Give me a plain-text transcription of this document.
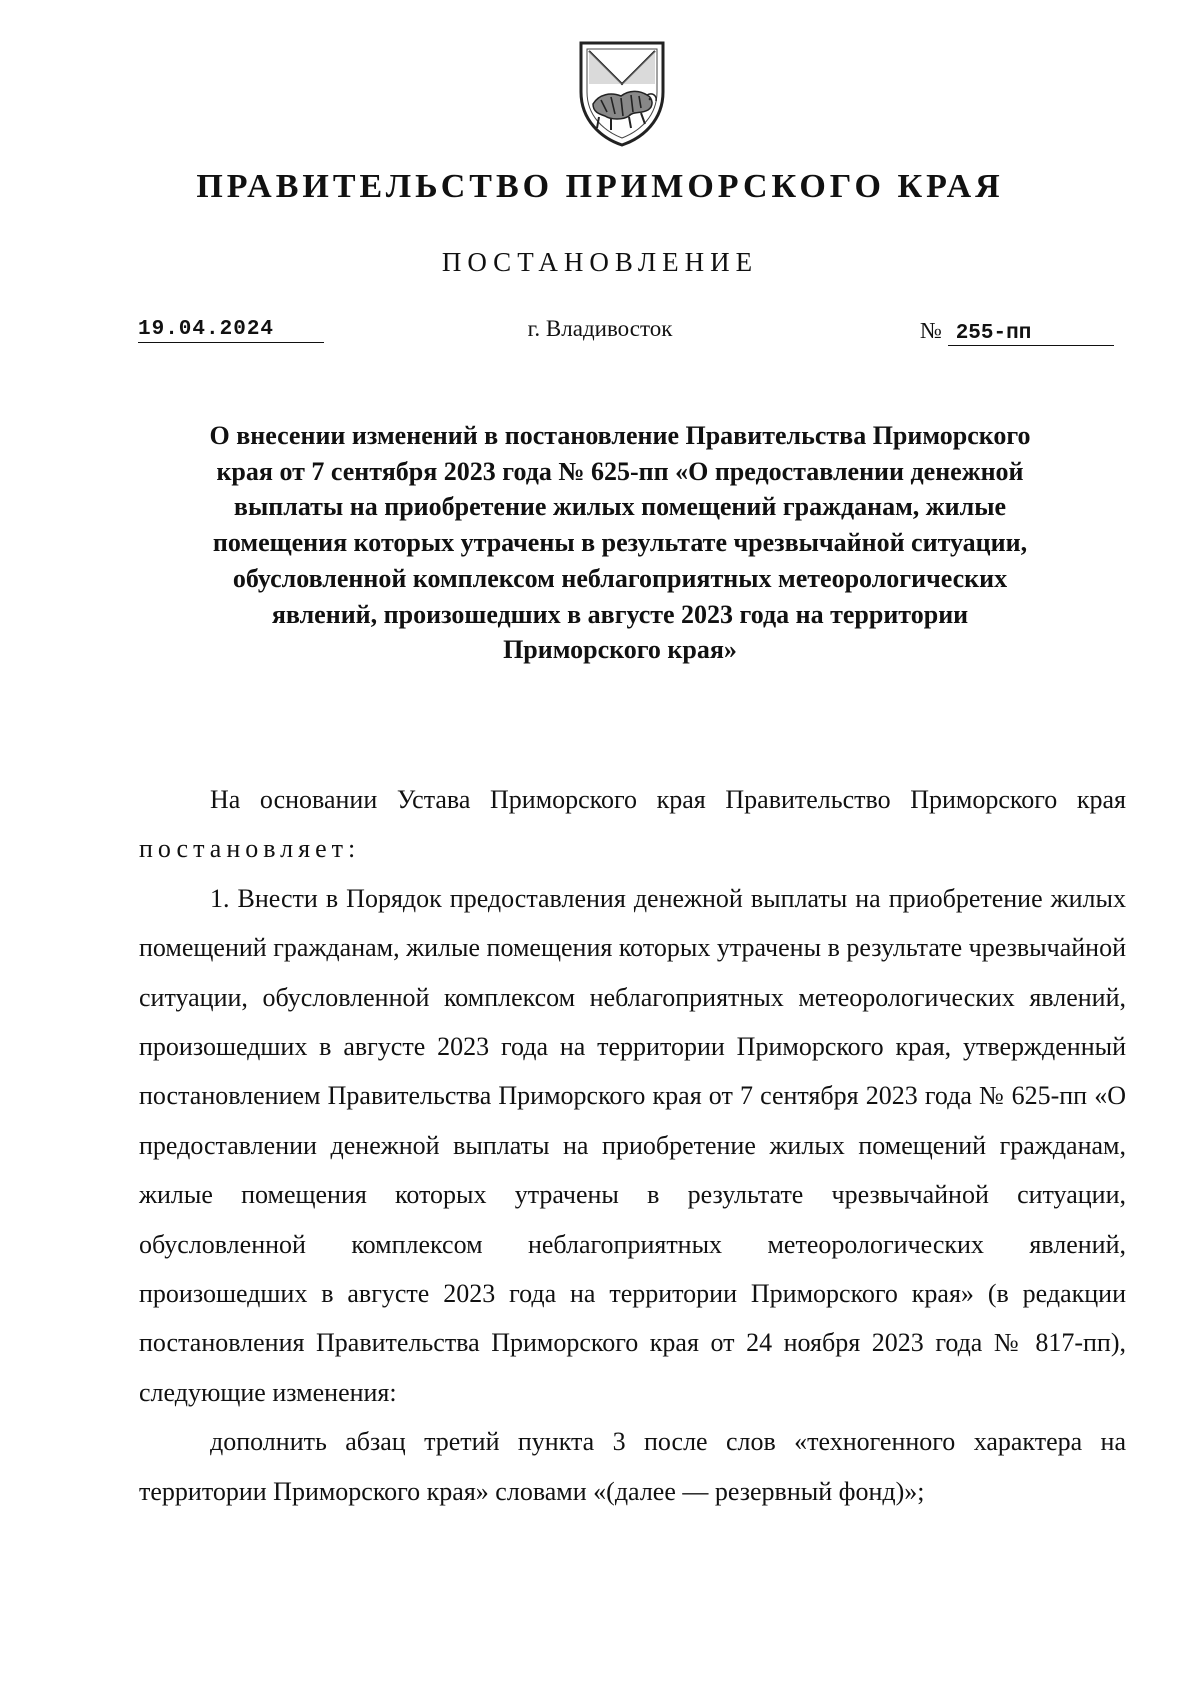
ПРАВИТЕЛЬСТВО ПРИМОРСКОГО КРАЯ
ПОСТАНОВЛЕНИЕ
19.04.2024	г. Владивосток	№ 255-пп
О внесении изменений в постановление Правительства Приморского края от 7 сентября 2023 года № 625-пп «О предоставлении денежной выплаты на приобретение жилых помещений гражданам, жилые помещения которых утрачены в результате чрезвычайной ситуации, обусловленной комплексом неблагоприятных метеорологических явлений, произошедших в августе 2023 года на территории Приморского края»

На основании Устава Приморского края Правительство Приморского края постановляет:

1. Внести в Порядок предоставления денежной выплаты на приобретение жилых помещений гражданам, жилые помещения которых утрачены в результате чрезвычайной ситуации, обусловленной комплексом неблагоприятных метеорологических явлений, произошедших в августе 2023 года на территории Приморского края, утвержденный постановлением Правительства Приморского края от 7 сентября 2023 года № 625-пп «О предоставлении денежной выплаты на приобретение жилых помещений гражданам, жилые помещения которых утрачены в результате чрезвычайной ситуации, обусловленной комплексом неблагоприятных метеорологических явлений, произошедших в августе 2023 года на территории Приморского края» (в редакции постановления Правительства Приморского края от 24 ноября 2023 года № 817-пп), следующие изменения:

дополнить абзац третий пункта 3 после слов «техногенного характера на территории Приморского края» словами «(далее — резервный фонд)»;
